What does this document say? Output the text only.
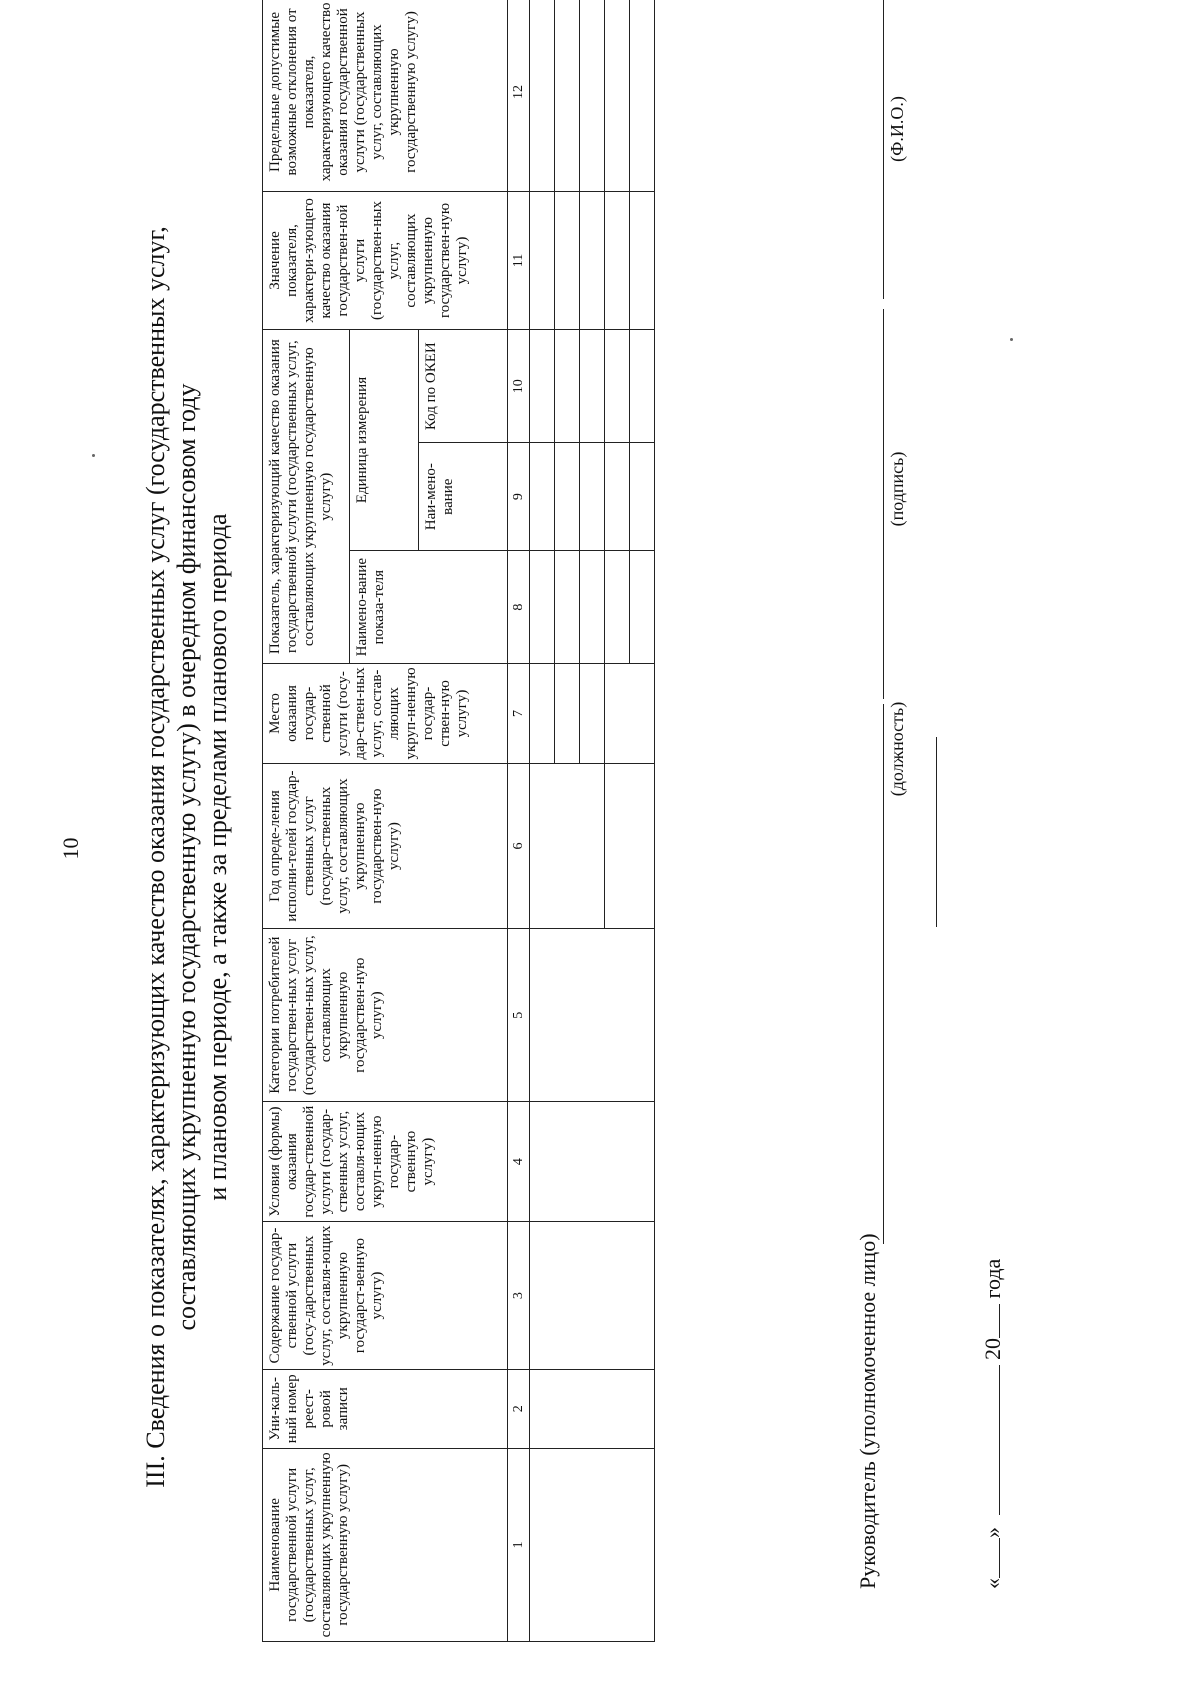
10 III. Сведения о показателях, характеризующих качество оказания государственных услуг (государственных услуг, составляющих укрупненную государственную услугу) в очередном финансовом году и плановом периоде, а также за пределами планового периода
Наименование государственной услуги (государственных услуг, составляющих укрупненную государственную услугу)	Уни-каль-ный номер реест-ровой записи	Содержание государ-ственной услуги (госу-дарственных услуг, составля-ющих укрупненную государст-венную услугу)	Условия (формы) оказания государ-ственной услуги (государ-ственных услуг, составля-ющих укруп-ненную государ-ственную услугу)	Категории потребителей государствен-ных услуг (государствен-ных услуг, составляющих укрупненную государствен-ную услугу)	Год опреде-ления исполни-телей государ-ственных услуг (государ-ственных услуг, составляющих укрупненную государствен-ную услугу)	Место оказания государ-ственной услуги (госу-дар-ствен-ных услуг, состав-ляющих укруп-ненную государ-ствен-ную услугу)	Показатель, характеризующий качество оказания государственной услуги (государственных услуг, составляющих укрупненную государственную услугу)			Значение показателя, характери-зующего качество оказания государствен-ной услуги (государствен-ных услуг, составляющих укрупненную государствен-ную услугу)	Предельные допустимые возможные отклонения от показателя, характеризующего качество оказания государственной услуги (государственных услуг, составляющих укрупненную государственную услугу)
							Наимено-вание показа-теля	Единица измерения			
								Наи-мено-вание	Код по ОКЕИ		
1	2	3	4	5	6	7	8	9	10	11	12

Руководитель (уполномоченное лицо)
(должность)
(подпись)
(Ф.И.О.)
«»  20 года
